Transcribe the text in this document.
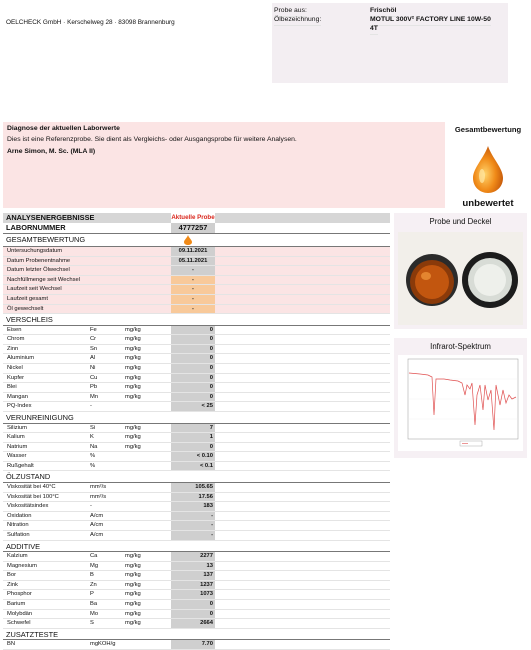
OELCHECK GmbH · Kerschelweg 28 · 83098 Brannenburg
Probe aus:	Frischöl
Ölbezeichnung:	MOTUL 300V² FACTORY LINE 10W-50
4T
Diagnose der aktuellen Laborwerte
Dies ist eine Referenzprobe. Sie dient als Vergleichs- oder Ausgangsprobe für weitere Analysen.
Arne Simon, M. Sc. (MLA II)
Gesamtbewertung
unbewertet
ANALYSENERGEBNISSE	Aktuelle Probe
LABORNUMMER	4777257
GESAMTBEWERTUNG
Untersuchungsdatum	09.11.2021
Datum Probenentnahme	05.11.2021
Datum letzter Ölwechsel	-
Nachfüllmenge seit Wechsel	-
Laufzeit seit Wechsel	-
Laufzeit gesamt	-
Öl gewechselt	-
VERSCHLEIS
Eisen	Fe	mg/kg	0
Chrom	Cr	mg/kg	0
Zinn	Sn	mg/kg	0
Aluminium	Al	mg/kg	0
Nickel	Ni	mg/kg	0
Kupfer	Cu	mg/kg	0
Blei	Pb	mg/kg	0
Mangan	Mn	mg/kg	0
PQ-Index	-	< 25
VERUNREINIGUNG
Silizium	Si	mg/kg	7
Kalium	K	mg/kg	1
Natrium	Na	mg/kg	0
Wasser	%	< 0.10
Rußgehalt	%	< 0.1
ÖLZUSTAND
Viskosität bei 40°C	mm²/s	105.65
Viskosität bei 100°C	mm²/s	17.56
Viskositätsindex	-	183
Oxidation	A/cm	-
Nitration	A/cm	-
Sulfation	A/cm	-
ADDITIVE
Kalzium	Ca	mg/kg	2277
Magnesium	Mg	mg/kg	13
Bor	B	mg/kg	137
Zink	Zn	mg/kg	1237
Phosphor	P	mg/kg	1073
Barium	Ba	mg/kg	0
Molybdän	Mo	mg/kg	0
Schwefel	S	mg/kg	2664
ZUSATZTESTE
BN	mgKOH/g	7.70
Probe und Deckel
Infrarot-Spektrum
